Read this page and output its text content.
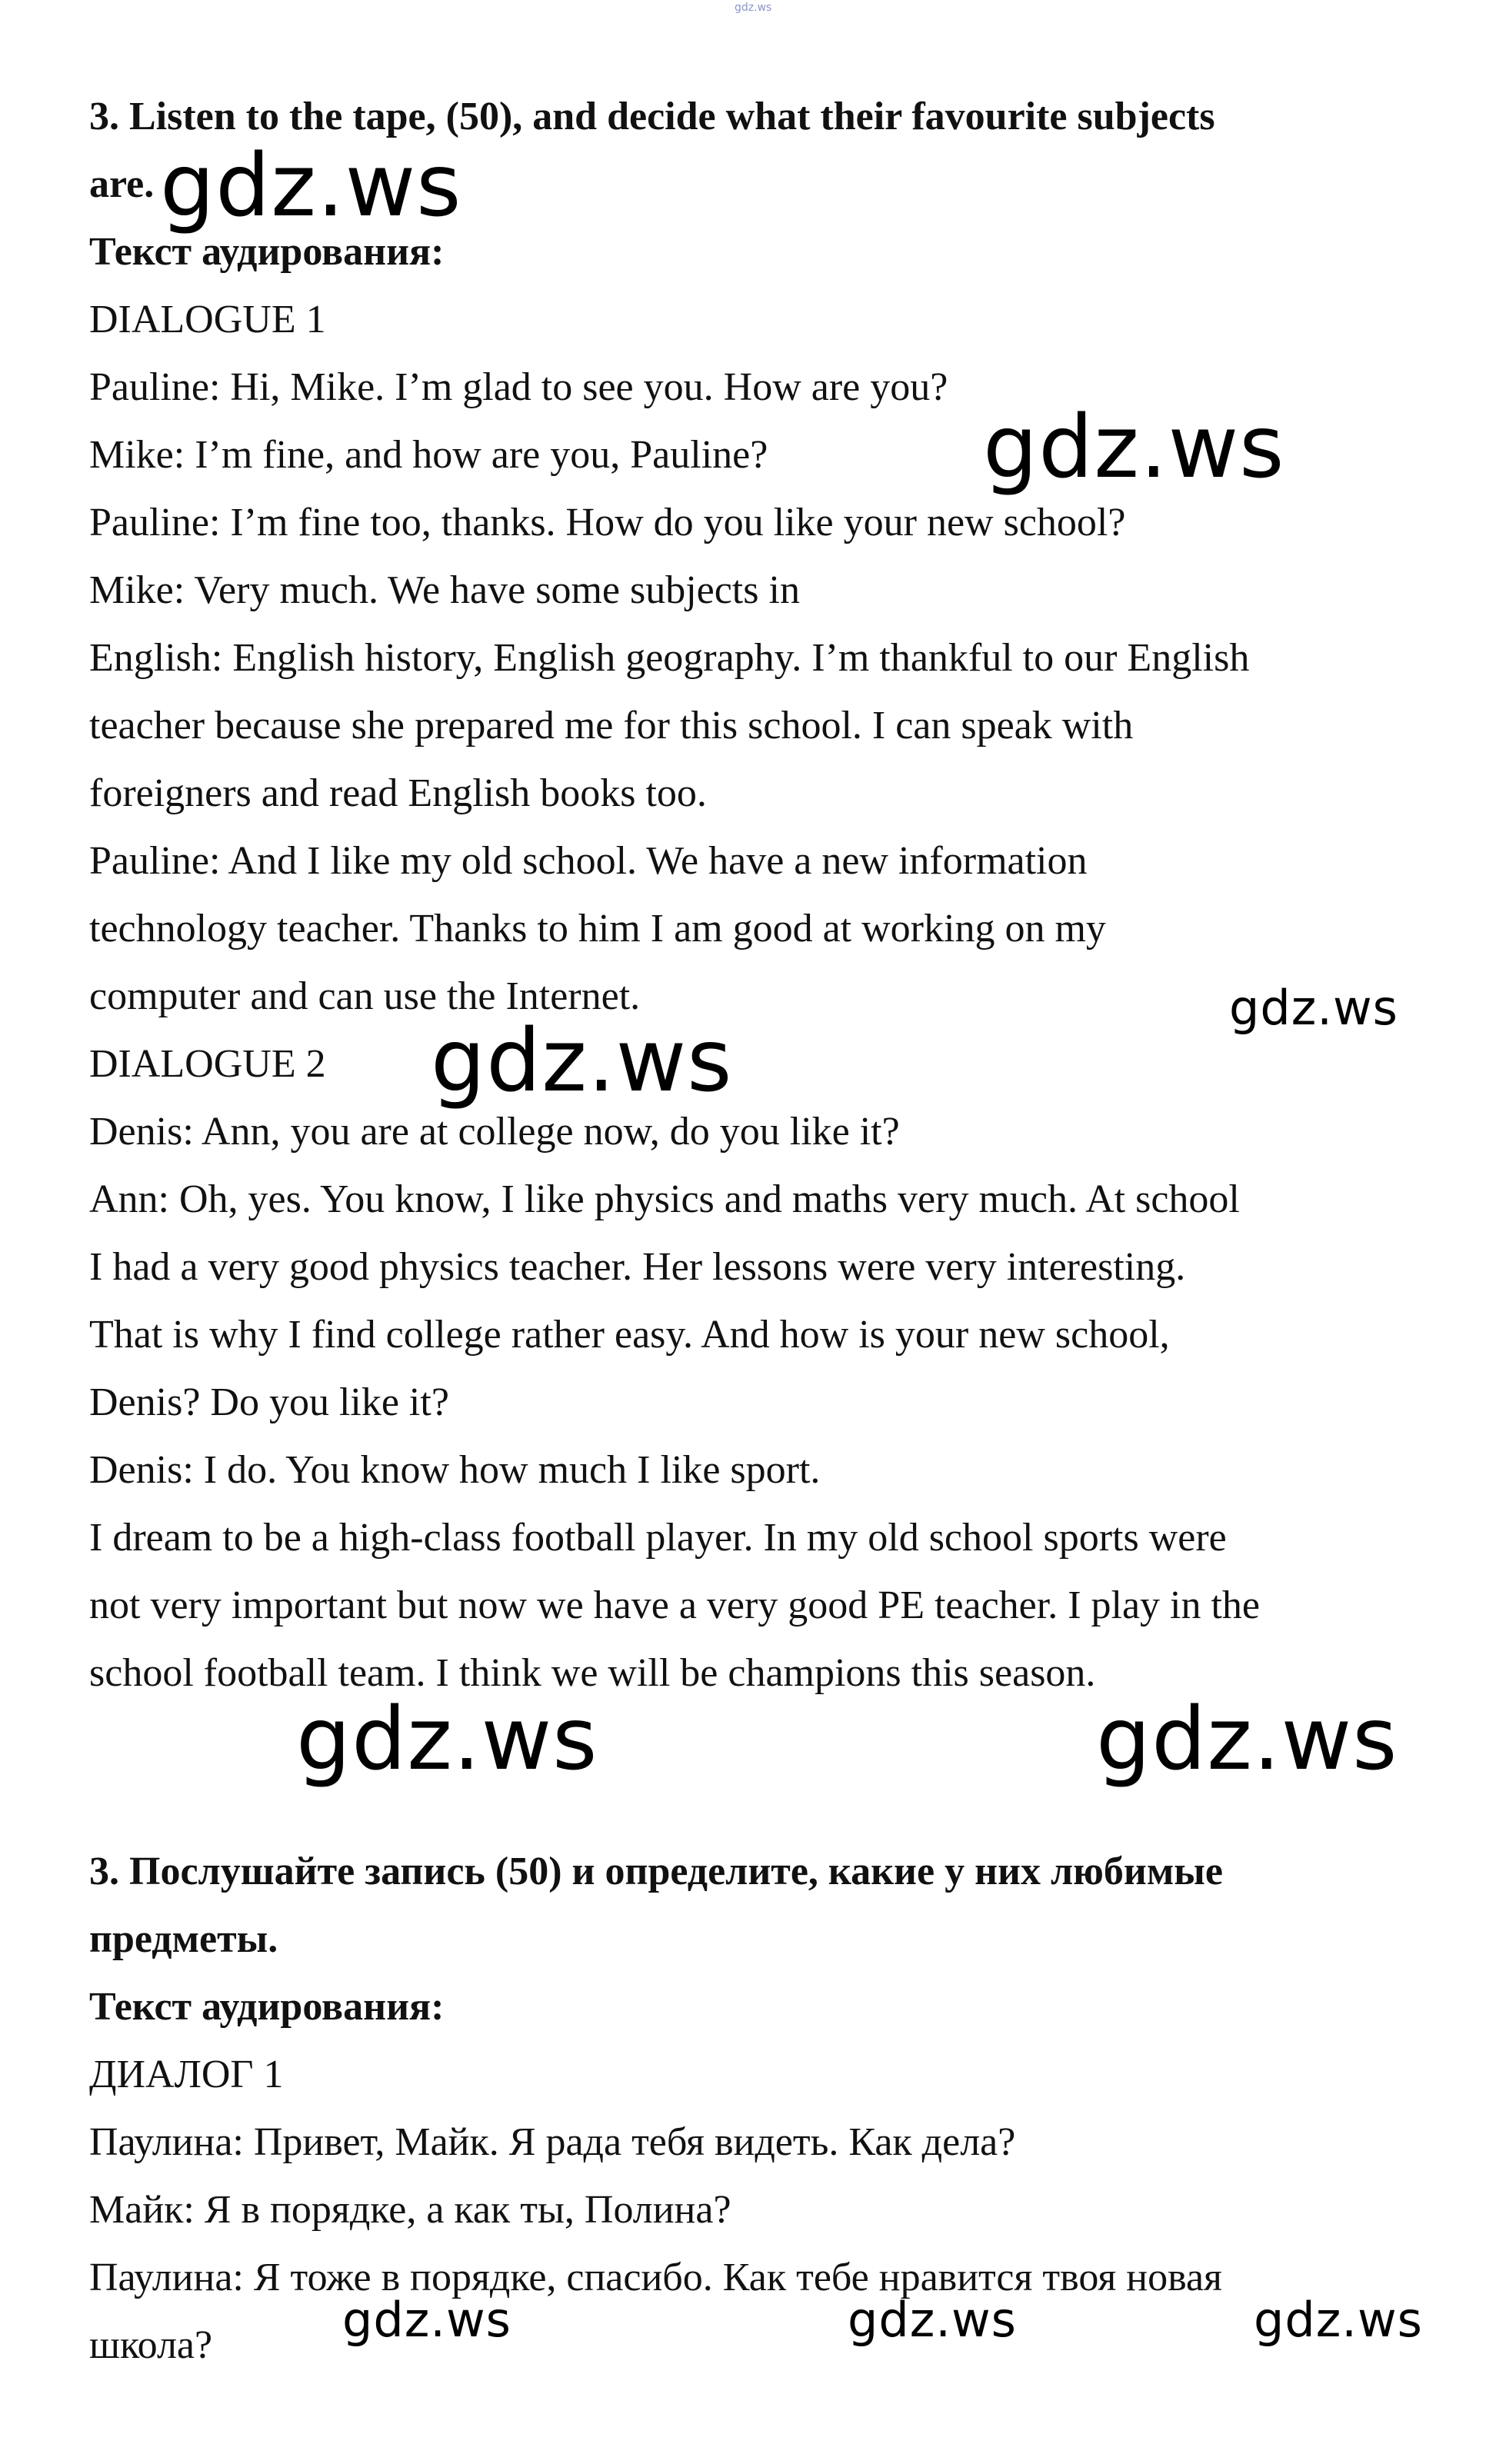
gdz.ws
3. Listen to the tape, (50), and decide what their favourite subjects
are.
Текст аудирования:
DIALOGUE 1
Pauline: Hi, Mike. I’m glad to see you. How are you?
Mike: I’m fine, and how are you, Pauline?
Pauline: I’m fine too, thanks. How do you like your new school?
Mike: Very much. We have some subjects in
English: English history, English geography. I’m thankful to our English
teacher because she prepared me for this school. I can speak with
foreigners and read English books too.
Pauline: And I like my old school. We have a new information
technology teacher. Thanks to him I am good at working on my
computer and can use the Internet.
DIALOGUE 2
Denis: Ann, you are at college now, do you like it?
Ann: Oh, yes. You know, I like physics and maths very much. At school
I had a very good physics teacher. Her lessons were very interesting.
That is why I find college rather easy. And how is your new school,
Denis? Do you like it?
Denis: I do. You know how much I like sport.
I dream to be a high-class football player. In my old school sports were
not very important but now we have a very good PE teacher. I play in the
school football team. I think we will be champions this season.
3. Послушайте запись (50) и определите, какие у них любимые
предметы.
Текст аудирования:
ДИАЛОГ 1
Паулина: Привет, Майк. Я рада тебя видеть. Как дела?
Майк: Я в порядке, а как ты, Полина?
Паулина: Я тоже в порядке, спасибо. Как тебе нравится твоя новая
школа?
gdz.ws
gdz.ws
gdz.ws
gdz.ws
gdz.ws	gdz.ws
gdz.ws	gdz.ws	gdz.ws
